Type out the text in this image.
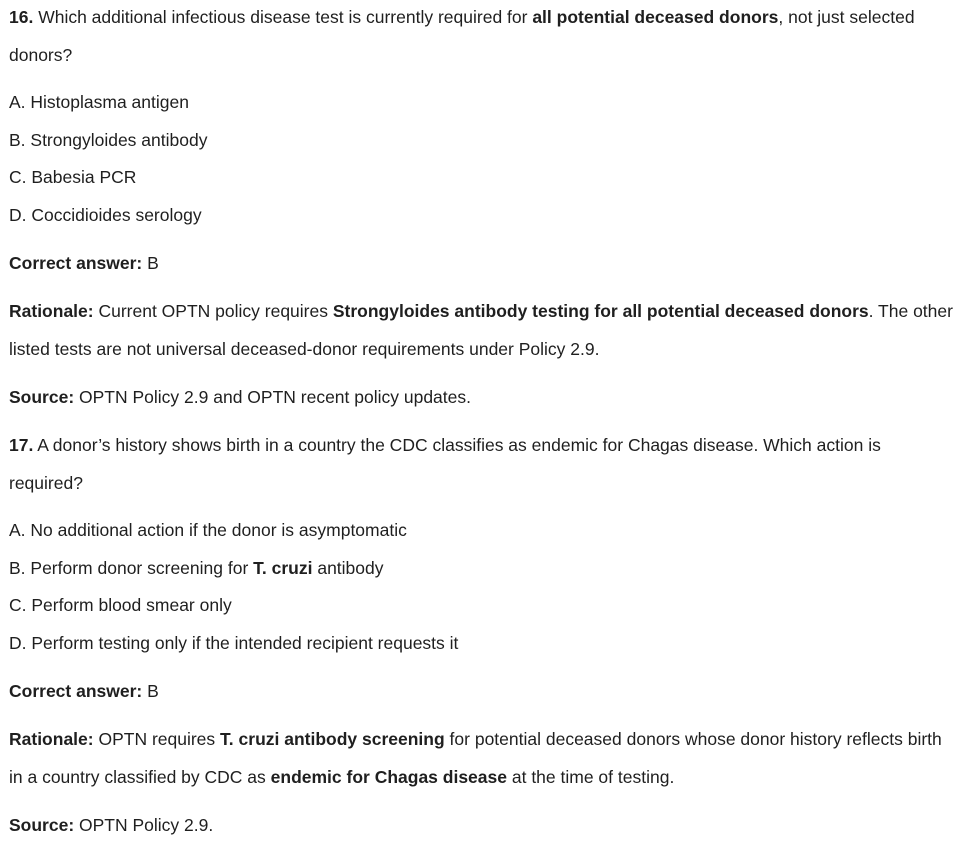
16. Which additional infectious disease test is currently required for all potential deceased donors, not just selected donors?

A. Histoplasma antigen

B. Strongyloides antibody

C. Babesia PCR

D. Coccidioides serology

Correct answer: B

Rationale: Current OPTN policy requires Strongyloides antibody testing for all potential deceased donors. The other listed tests are not universal deceased-donor requirements under Policy 2.9.

Source: OPTN Policy 2.9 and OPTN recent policy updates.

17. A donor’s history shows birth in a country the CDC classifies as endemic for Chagas disease. Which action is required?

A. No additional action if the donor is asymptomatic

B. Perform donor screening for T. cruzi antibody

C. Perform blood smear only

D. Perform testing only if the intended recipient requests it

Correct answer: B

Rationale: OPTN requires T. cruzi antibody screening for potential deceased donors whose donor history reflects birth in a country classified by CDC as endemic for Chagas disease at the time of testing.

Source: OPTN Policy 2.9.
